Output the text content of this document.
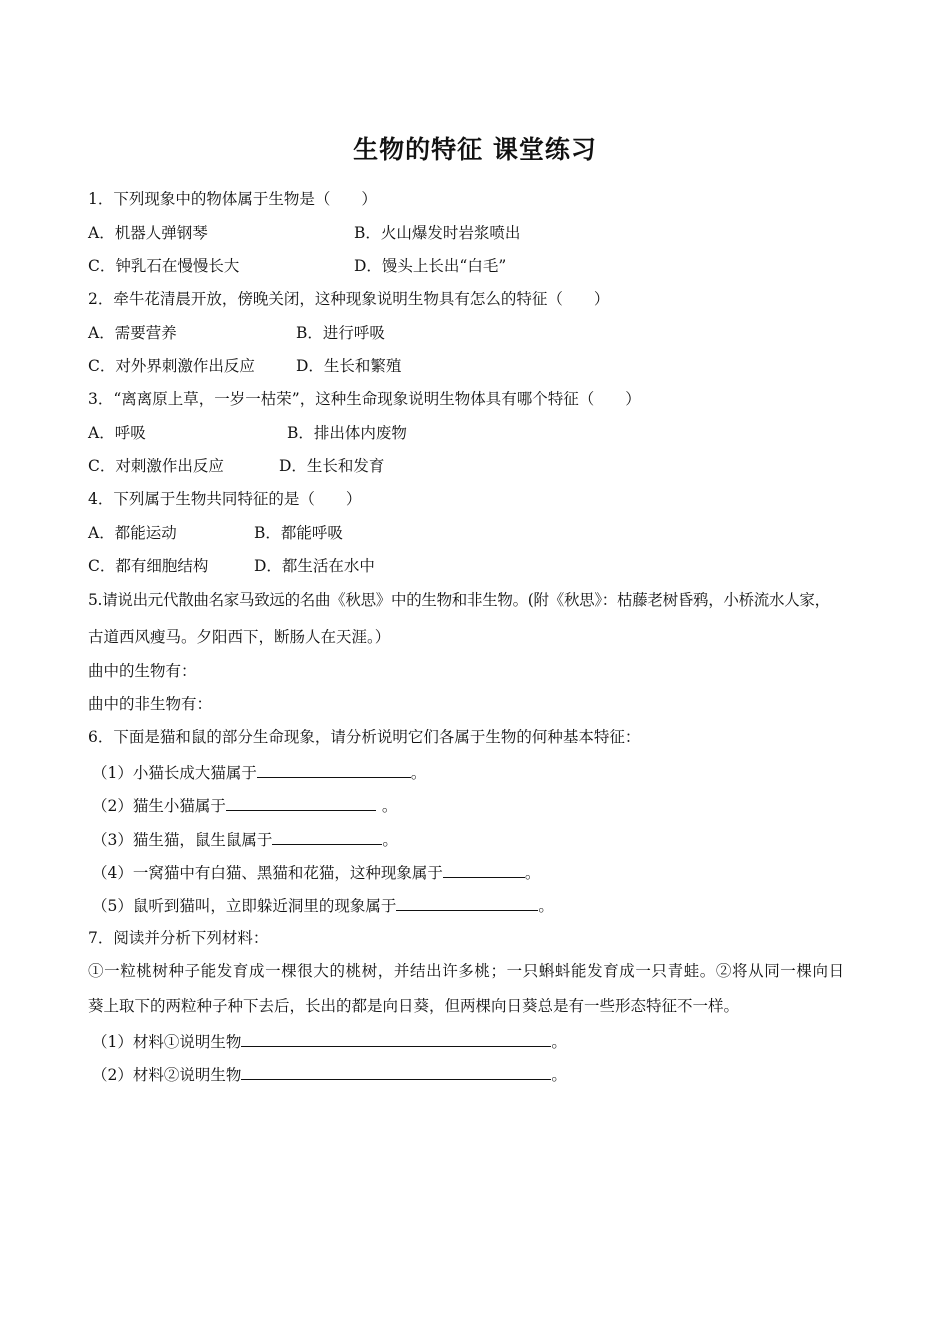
生物的特征 课堂练习
1．下列现象中的物体属于生物是（　　）
A．机器人弹钢琴	B．火山爆发时岩浆喷出
C．钟乳石在慢慢长大	D．馒头上长出“白毛”
2．牵牛花清晨开放，傍晚关闭，这种现象说明生物具有怎么的特征（　　）
A．需要营养	B．进行呼吸
C．对外界刺激作出反应	D．生长和繁殖
3．“离离原上草，一岁一枯荣”，这种生命现象说明生物体具有哪个特征（　　）
A．呼吸	B．排出体内废物
C．对刺激作出反应	D．生长和发育
4．下列属于生物共同特征的是（　　）
A．都能运动	B．都能呼吸
C．都有细胞结构	D．都生活在水中
5.请说出元代散曲名家马致远的名曲《秋思》中的生物和非生物。(附《秋思》：枯藤老树昏鸦，小桥流水人家，
古道西风瘦马。夕阳西下，断肠人在天涯。）
曲中的生物有：
曲中的非生物有：
6．下面是猫和鼠的部分生命现象，请分析说明它们各属于生物的何种基本特征：
（1）小猫长成大猫属于	。
（2）猫生小猫属于	。
（3）猫生猫，鼠生鼠属于	。
（4）一窝猫中有白猫、黑猫和花猫，这种现象属于	。
（5）鼠听到猫叫，立即躲近洞里的现象属于	。
7．阅读并分析下列材料：
①一粒桃树种子能发育成一棵很大的桃树，并结出许多桃；一只蝌蚪能发育成一只青蛙。②将从同一棵向日
葵上取下的两粒种子种下去后，长出的都是向日葵，但两棵向日葵总是有一些形态特征不一样。
（1）材料①说明生物	。
（2）材料②说明生物	。
